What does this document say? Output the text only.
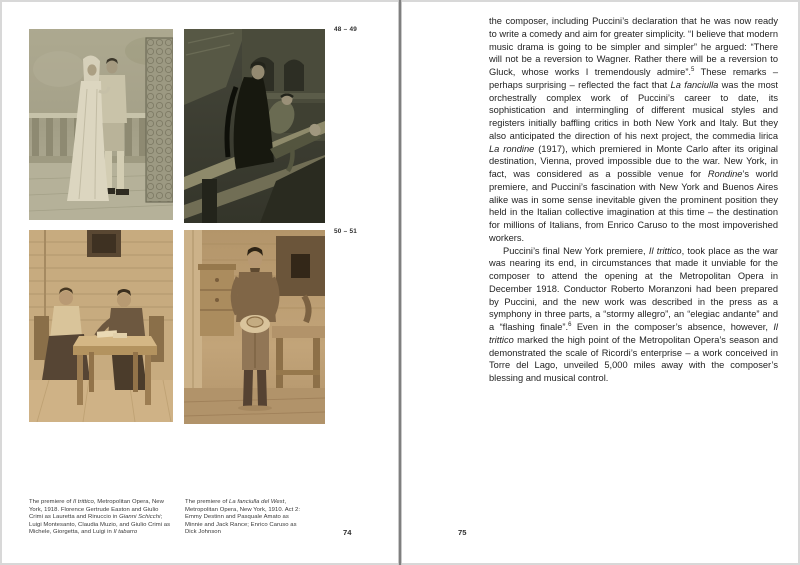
48 – 49
50 – 51
The premiere of Il trittico, Metropolitan Opera, New York, 1918. Florence Gertrude Easton and Giulio Crimi as Lauretta and Rinuccio in Gianni Schicchi; Luigi Montesanto, Claudia Muzio, and Giulio Crimi as Michele, Giorgetta, and Luigi in Il tabarro
The premiere of La fanciulla del West, Metropolitan Opera, New York, 1910. Act 2: Emmy Destinn and Pasquale Amato as Minnie and Jack Rance; Enrico Caruso as Dick Johnson	74

the composer, including Puccini’s declaration that he was now ready to write a comedy and aim for greater simplicity. “I believe that modern music drama is going to be simpler and simpler” he argued: “There will not be a reversion to Wagner. Rather there will be a reversion to Gluck, whose works I tremendously admire”.$^5$ These remarks – perhaps surprising – reflected the fact that La fanciulla was the most orchestrally complex work of Puccini’s career to date, its sophistication and intermingling of different musical styles and registers initially baffling critics in both New York and Italy. But they also anticipated the direction of his next project, the commedia lirica La rondine (1917), which premiered in Monte Carlo after its original destination, Vienna, proved impossible due to the war. New York, in fact, was considered as a possible venue for Rondine’s world premiere, and Puccini’s fascination with New York and Buenos Aires alike was in some sense inevitable given the prominent position they held in the Italian collective imagination at this time – the destination for millions of Italians, from Enrico Caruso to the most impoverished workers.

Puccini’s final New York premiere, Il trittico, took place as the war was nearing its end, in circumstances that made it unviable for the composer to attend the opening at the Metropolitan Opera in December 1918. Conductor Roberto Moranzoni had been prepared by Puccini, and the new work was described in the press as a symphony in three parts, a “stormy allegro”, an “elegiac andante” and a “flashing finale”.$^6$ Even in the composer’s absence, however, Il trittico marked the high point of the Metropolitan Opera’s season and demonstrated the scale of Ricordi’s enterprise – a work conceived in Torre del Lago, unveiled 5,000 miles away with the composer’s blessing and musical control.

75
